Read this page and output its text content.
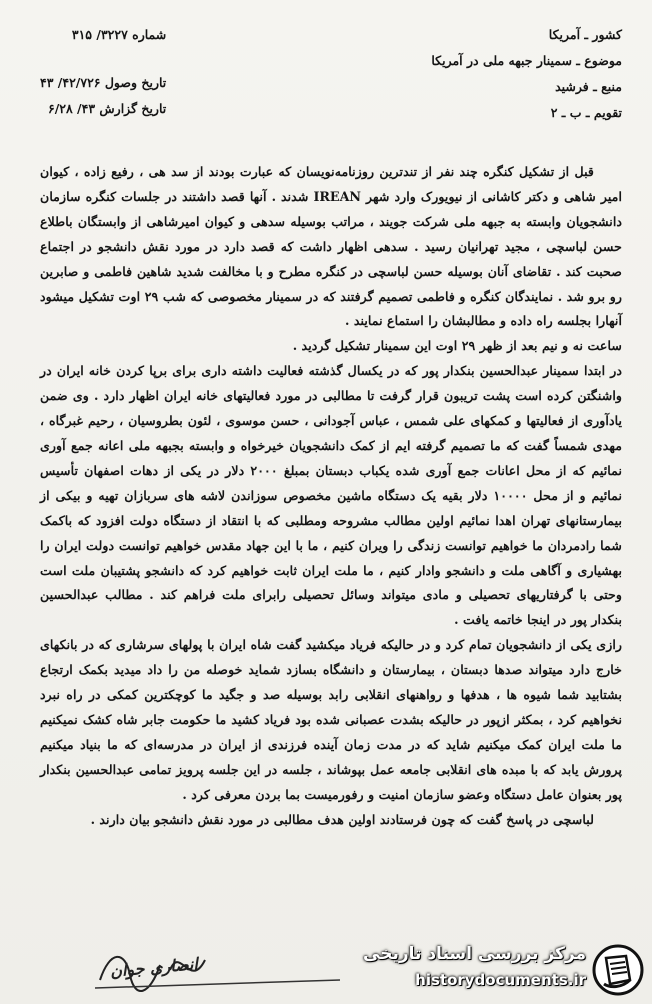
کشور ـ آمریکا
موضوع ـ سمینار جبهه ملی در آمریکا
منبع ـ فرشید
تقویم ـ ب ـ ۲
شماره ۳۲۲۷/ ۳۱۵
تاریخ وصول ۴۲/۷۲۶/ ۴۳
تاریخ گزارش ۴۳/ ۶/۲۸

قبل از تشکیل کنگره چند نفر از تندترین روزنامه‌نویسان که عبارت بودند از سد هی ، رفیع زاده ، کیوان امیر شاهی و دکتر کاشانی از نیویورک وارد شهر IREAN شدند . آنها قصد داشتند در جلسات کنگره سازمان دانشجویان وابسته به جبهه ملی شرکت جویند ، مراتب بوسیله سدهی و کیوان امیرشاهی از وابستگان باطلاع حسن لباسچی ، مجید تهرانیان رسید . سدهی اظهار داشت که قصد دارد در مورد نقش دانشجو در اجتماع صحبت کند . تقاضای آنان بوسیله حسن لباسچی در کنگره مطرح و با مخالفت شدید شاهین فاطمی و صابرین رو برو شد . نمایندگان کنگره و فاطمی تصمیم گرفتند که در سمینار مخصوصی که شب ۲۹ اوت تشکیل میشود آنهارا بجلسه راه داده و مطالبشان را استماع نمایند .

ساعت نه و نیم بعد از ظهر ۲۹ اوت این سمینار تشکیل گردید .

در ابتدا سمینار عبدالحسین بنکدار پور که در یکسال گذشته فعالیت داشته داری برای برپا کردن خانه ایران در واشنگتن کرده است پشت تریبون قرار گرفت تا مطالبی در مورد فعالیتهای خانه ایران اظهار دارد . وی ضمن یادآوری از فعالیتها و کمکهای علی شمس ، عباس آجودانی ، حسن موسوی ، لئون بطروسیان ، رحیم غبرگاه ، مهدی شمساً گفت که ما تصمیم گرفته ایم از کمک دانشجویان خیرخواه و وابسته بجبهه ملی اعانه جمع آوری نمائیم که از محل اعانات جمع آوری شده یکباب دبستان بمبلغ ۲۰۰۰ دلار در یکی از دهات اصفهان تأسیس نمائیم و از محل ۱۰۰۰۰ دلار بقیه یک دستگاه ماشین مخصوص سوزاندن لاشه های سربازان تهیه و بیکی از بیمارستانهای تهران اهدا نمائیم اولین مطالب مشروحه ومطلبی که با انتقاد از دستگاه دولت افزود که باکمک شما رادمردان ما خواهیم توانست زندگی را ویران کنیم ، ما با این جهاد مقدس خواهیم توانست دولت ایران را بهشیاری و آگاهی ملت و دانشجو وادار کنیم ، ما ملت ایران ثابت خواهیم کرد که دانشجو پشتیبان ملت است وحتی با گرفتاریهای تحصیلی و مادی میتواند وسائل تحصیلی رابرای ملت فراهم کند . مطالب عبدالحسین بنکدار پور در اینجا خاتمه یافت .

رازی یکی از دانشجویان تمام کرد و در حالیکه فریاد میکشید گفت شاه ایران با پولهای سرشاری که در بانکهای خارج دارد میتواند صدها دبستان ، بیمارستان و دانشگاه بسازد شماید خوصله من را داد میدید بکمک ارتجاع بشتابید شما شیوه ها ، هدفها و رواهنهای انقلابی رابد بوسیله صد و جگید ما کوچکترین کمکی در راه نبرد نخواهیم کرد ، بمکثر ازپور در حالیکه بشدت عصبانی شده بود فریاد کشید ما حکومت جابر شاه کشک نمیکنیم ما ملت ایران کمک میکنیم شاید که در مدت زمان آینده فرزندی از ایران در مدرسه‌ای که ما بنیاد میکنیم پرورش یابد که با مبده های انقلابی جامعه عمل بپوشاند ، جلسه در این جلسه پرویز تمامی عبدالحسین بنکدار پور بعنوان عامل دستگاه وعضو سازمان امنیت و رفورمیست بما بردن معرفی کرد .

لباسچی در پاسخ گفت که چون فرستادند اولین هدف مطالبی در مورد نقش دانشجو بیان دارند .

انصاری جوان
مرکز بررسی اسناد تاریخی
historydocuments.ir
